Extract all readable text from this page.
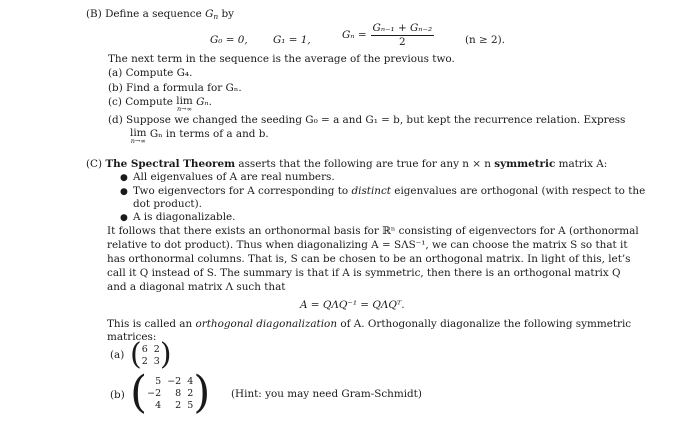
(B) Define a sequence $G_n$ by
G₀ = 0, G₁ = 1,	$G_n = \frac{\text{Gₙ₋₁ + Gₙ₋₂}}{2}$	(n ≥ 2).
The next term in the sequence is the average of the previous two.
(a) Compute G₄.
(b) Find a formula for Gₙ.
(c) Compute lim
n→∞
Gₙ.
(d) Suppose we changed the seeding G₀ = a and G₁ = b, but kept the recurrence relation. Express
lim
n→∞
Gₙ in terms of a and b.
(C) The Spectral Theorem asserts that the following are true for any n × n symmetric matrix A:
● All eigenvalues of A are real numbers.
● Two eigenvectors for A corresponding to distinct eigenvalues are orthogonal (with respect to the
dot product).
● A is diagonalizable.
It follows that there exists an orthonormal basis for ℝⁿ consisting of eigenvectors for A (orthonormal
relative to dot product). Thus when diagonalizing A = SΛS⁻¹, we can choose the matrix S so that it
has orthonormal columns. That is, S can be chosen to be an orthogonal matrix. In light of this, let’s
call it Q instead of S. The summary is that if A is symmetric, then there is an orthogonal matrix Q
and a diagonal matrix Λ such that
A = QΛQ⁻¹ = QΛQᵀ.
This is called an orthogonal diagonalization of A. Orthogonally diagonalize the following symmetric
matrices:
(a) ( 6 2
2 3 )
(b) ( 5 −2 4
−2	8 2
4	2 5 ) (Hint: you may need Gram-Schmidt)
